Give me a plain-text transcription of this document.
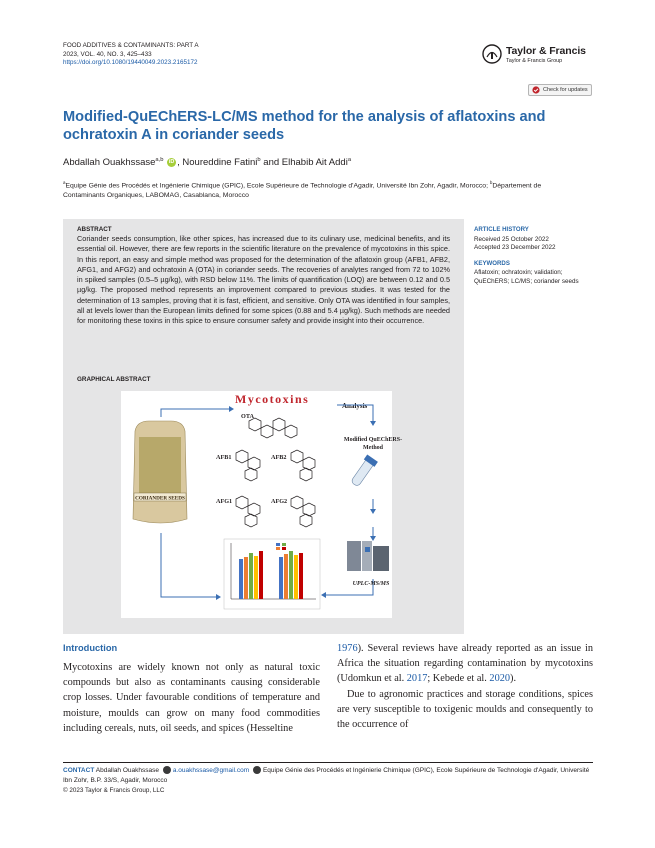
FOOD ADDITIVES & CONTAMINANTS: PART A
2023, VOL. 40, NO. 3, 425–433
https://doi.org/10.1080/19440049.2023.2165172
Taylor & Francis
Taylor & Francis Group
Check for updates
Modified-QuEChERS-LC/MS method for the analysis of aflatoxins and ochratoxin A in coriander seeds
Abdallah Ouakhssase$^{a,b}$ iD , Noureddine Fatini$^b$ and Elhabib Ait Addi$^a$
$^a$Equipe Génie des Procédés et Ingénierie Chimique (GPIC), Ecole Supérieure de Technologie d'Agadir, Université Ibn Zohr, Agadir, Morocco; $^b$Département de Contaminants Organiques, LABOMAG, Casablanca, Morocco
ABSTRACT

Coriander seeds consumption, like other spices, has increased due to its culinary use, medicinal benefits, and its essential oil. However, there are few reports in the scientific literature on the prevalence of mycotoxins in this spice. In this report, an easy and simple method was proposed for the determination of the aflatoxin group (AFB1, AFB2, AFG1, and AFG2) and ochratoxin A (OTA) in coriander seeds. The recoveries of analytes ranged from 72 to 102% in spiked samples (0.5–5 µg/kg), with RSD below 11%. The limits of quantification (LOQ) are between 0.12 and 0.5 µg/kg. The proposed method represents an improvement compared to previous studies. It was tested for the determination of 13 samples, proving that it is fast, efficient, and sensitive. Only OTA was identified in four samples, all at levels lower than the European limits defined for some spices (0.88 and 5.4 µg/kg). Such methods are needed for monitoring these toxins in this spice to ensure consumer safety and provide insight into their occurrence.

GRAPHICAL ABSTRACT
ARTICLE HISTORY
Received 25 October 2022
Accepted 23 December 2022
KEYWORDS
Aflatoxin; ochratoxin; validation; QuEChERS; LC/MS; coriander seeds
Mycotoxins	Analysis
CORIANDER SEEDS
OTA
AFB1	AFB2
AFG1	AFG2
Modified QuEChERS-
Method
UPLC-MS/MS
Introduction

Mycotoxins are widely known not only as natural toxic compounds but also as contaminants causing considerable crop losses. Under favourable conditions of temperature and moisture, moulds can grow on many food commodities including cereals, nuts, oil seeds, and spices (Hesseltine

1976). Several reviews have already reported as an issue in Africa the situation regarding contamination by mycotoxins (Udomkun et al. 2017; Kebede et al. 2020).

Due to agronomic practices and storage conditions, spices are very susceptible to toxigenic moulds and consequently to the occurrence of

CONTACT Abdallah Ouakhssase a.ouakhssase@gmail.com Equipe Génie des Procédés et Ingénierie Chimique (GPIC), Ecole Supérieure de Technologie d'Agadir, Université Ibn Zohr, B.P. 33/S, Agadir, Morocco
© 2023 Taylor & Francis Group, LLC
